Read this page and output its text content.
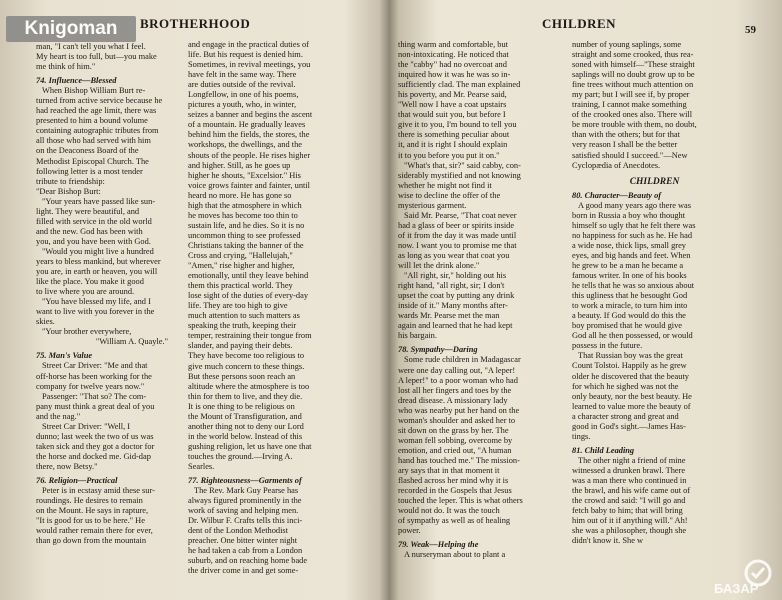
BROTHERHOOD

man, "I can't tell you what I feel.

My heart is too full, but—you make

me think of him."

74. Influence—Blessed

When Bishop William Burt re-

turned from active service because he

had reached the age limit, there was

presented to him a bound volume

containing autographic tributes from

all those who had served with him

on the Deaconess Board of the

Methodist Episcopal Church. The

following letter is a most tender

tribute to friendship:

"Dear Bishop Burt:

"Your years have passed like sun-

light. They were beautiful, and

filled with service in the old world

and the new. God has been with

you, and you have been with God.

"Would you might live a hundred

years to bless mankind, but wherever

you are, in earth or heaven, you will

like the place. You make it good

to live where you are around.

"You have blessed my life, and I

want to live with you forever in the

skies.

"Your brother everywhere,

"William A. Quayle."

75. Man's Value

Street Car Driver: "Me and that

off-horse has been working for the

company for twelve years now."

Passenger: "That so? The com-

pany must think a great deal of you

and the nag."

Street Car Driver: "Well, I

dunno; last week the two of us was

taken sick and they got a doctor for

the horse and docked me. Gid-dap

there, now Betsy."

76. Religion—Practical

Peter is in ecstasy amid these sur-

roundings. He desires to remain

on the Mount. He says in rapture,

"It is good for us to be here." He

would rather remain there for ever,

than go down from the mountain

and engage in the practical duties of

life. But his request is denied him.

Sometimes, in revival meetings, you

have felt in the same way. There

are duties outside of the revival.

Longfellow, in one of his poems,

pictures a youth, who, in winter,

seizes a banner and begins the ascent

of a mountain. He gradually leaves

behind him the fields, the stores, the

workshops, the dwellings, and the

shouts of the people. He rises higher

and higher. Still, as he goes up

higher he shouts, "Excelsior." His

voice grows fainter and fainter, until

heard no more. He has gone so

high that the atmosphere in which

he moves has become too thin to

sustain life, and he dies. So it is no

uncommon thing to see professed

Christians taking the banner of the

Cross and crying, "Hallelujah,"

"Amen," rise higher and higher,

emotionally, until they leave behind

them this practical world. They

lose sight of the duties of every-day

life. They are too high to give

much attention to such matters as

speaking the truth, keeping their

temper, restraining their tongue from

slander, and paying their debts.

They have become too religious to

give much concern to these things.

But these persons soon reach an

altitude where the atmosphere is too

thin for them to live, and they die.

It is one thing to be religious on

the Mount of Transfiguration, and

another thing not to deny our Lord

in the world below. Instead of this

gushing religion, let us have one that

touches the ground.—Irving A.

Searles.

77. Righteousness—Garments of

The Rev. Mark Guy Pearse has

always figured prominently in the

work of saving and helping men.

Dr. Wilbur F. Crafts tells this inci-

dent of the London Methodist

preacher. One bitter winter night

he had taken a cab from a London

suburb, and on reaching home bade

the driver come in and get some-

CHILDREN	59

thing warm and comfortable, but

non-intoxicating. He noticed that

the "cabby" had no overcoat and

inquired how it was he was so in-

sufficiently clad. The man explained

his poverty, and Mr. Pearse said,

"Well now I have a coat upstairs

that would suit you, but before I

give it to you, I'm bound to tell you

there is something peculiar about

it, and it is right I should explain

it to you before you put it on."

"What's that, sir?" said cabby, con-

siderably mystified and not knowing

whether he might not find it

wise to decline the offer of the

mysterious garment.

Said Mr. Pearse, "That coat never

had a glass of beer or spirits inside

of it from the day it was made until

now. I want you to promise me that

as long as you wear that coat you

will let the drink alone."

"All right, sir," holding out his

right hand, "all right, sir; I don't

upset the coat by putting any drink

inside of it." Many months after-

wards Mr. Pearse met the man

again and learned that he had kept

his bargain.

78. Sympathy—Daring

Some rude children in Madagascar

were one day calling out, "A leper!

A leper!" to a poor woman who had

lost all her fingers and toes by the

dread disease. A missionary lady

who was nearby put her hand on the

woman's shoulder and asked her to

sit down on the grass by her. The

woman fell sobbing, overcome by

emotion, and cried out, "A human

hand has touched me." The mission-

ary says that in that moment it

flashed across her mind why it is

recorded in the Gospels that Jesus

touched the leper. This is what others

would not do. It was the touch

of sympathy as well as of healing

power.

79. Weak—Helping the

A nurseryman about to plant a

number of young saplings, some

straight and some crooked, thus rea-

soned with himself—"These straight

saplings will no doubt grow up to be

fine trees without much attention on

my part; but I will see if, by proper

training, I cannot make something

of the crooked ones also. There will

be more trouble with them, no doubt,

than with the others; but for that

very reason I shall be the better

satisfied should I succeed."—New

Cyclopædia of Anecdotes.

CHILDREN

80. Character—Beauty of

A good many years ago there was

born in Russia a boy who thought

himself so ugly that he felt there was

no happiness for such as he. He had

a wide nose, thick lips, small grey

eyes, and big hands and feet. When

he grew to be a man he became a

famous writer. In one of his books

he tells that he was so anxious about

this ugliness that he besought God

to work a miracle, to turn him into

a beauty. If God would do this the

boy promised that he would give

God all he then possessed, or would

possess in the future.

That Russian boy was the great

Count Tolstoi. Happily as he grew

older he discovered that the beauty

for which he sighed was not the

only beauty, nor the best beauty. He

learned to value more the beauty of

a character strong and great and

good in God's sight.—James Has-

tings.

81. Child Leading

The other night a friend of mine

witnessed a drunken brawl. There

was a man there who continued in

the brawl, and his wife came out of

the crowd and said: "I will go and

fetch baby to him; that will bring

him out of it if anything will." Ah!

she was a philosopher, though she

didn't know it. She w

Knigoman
БАЗАР
